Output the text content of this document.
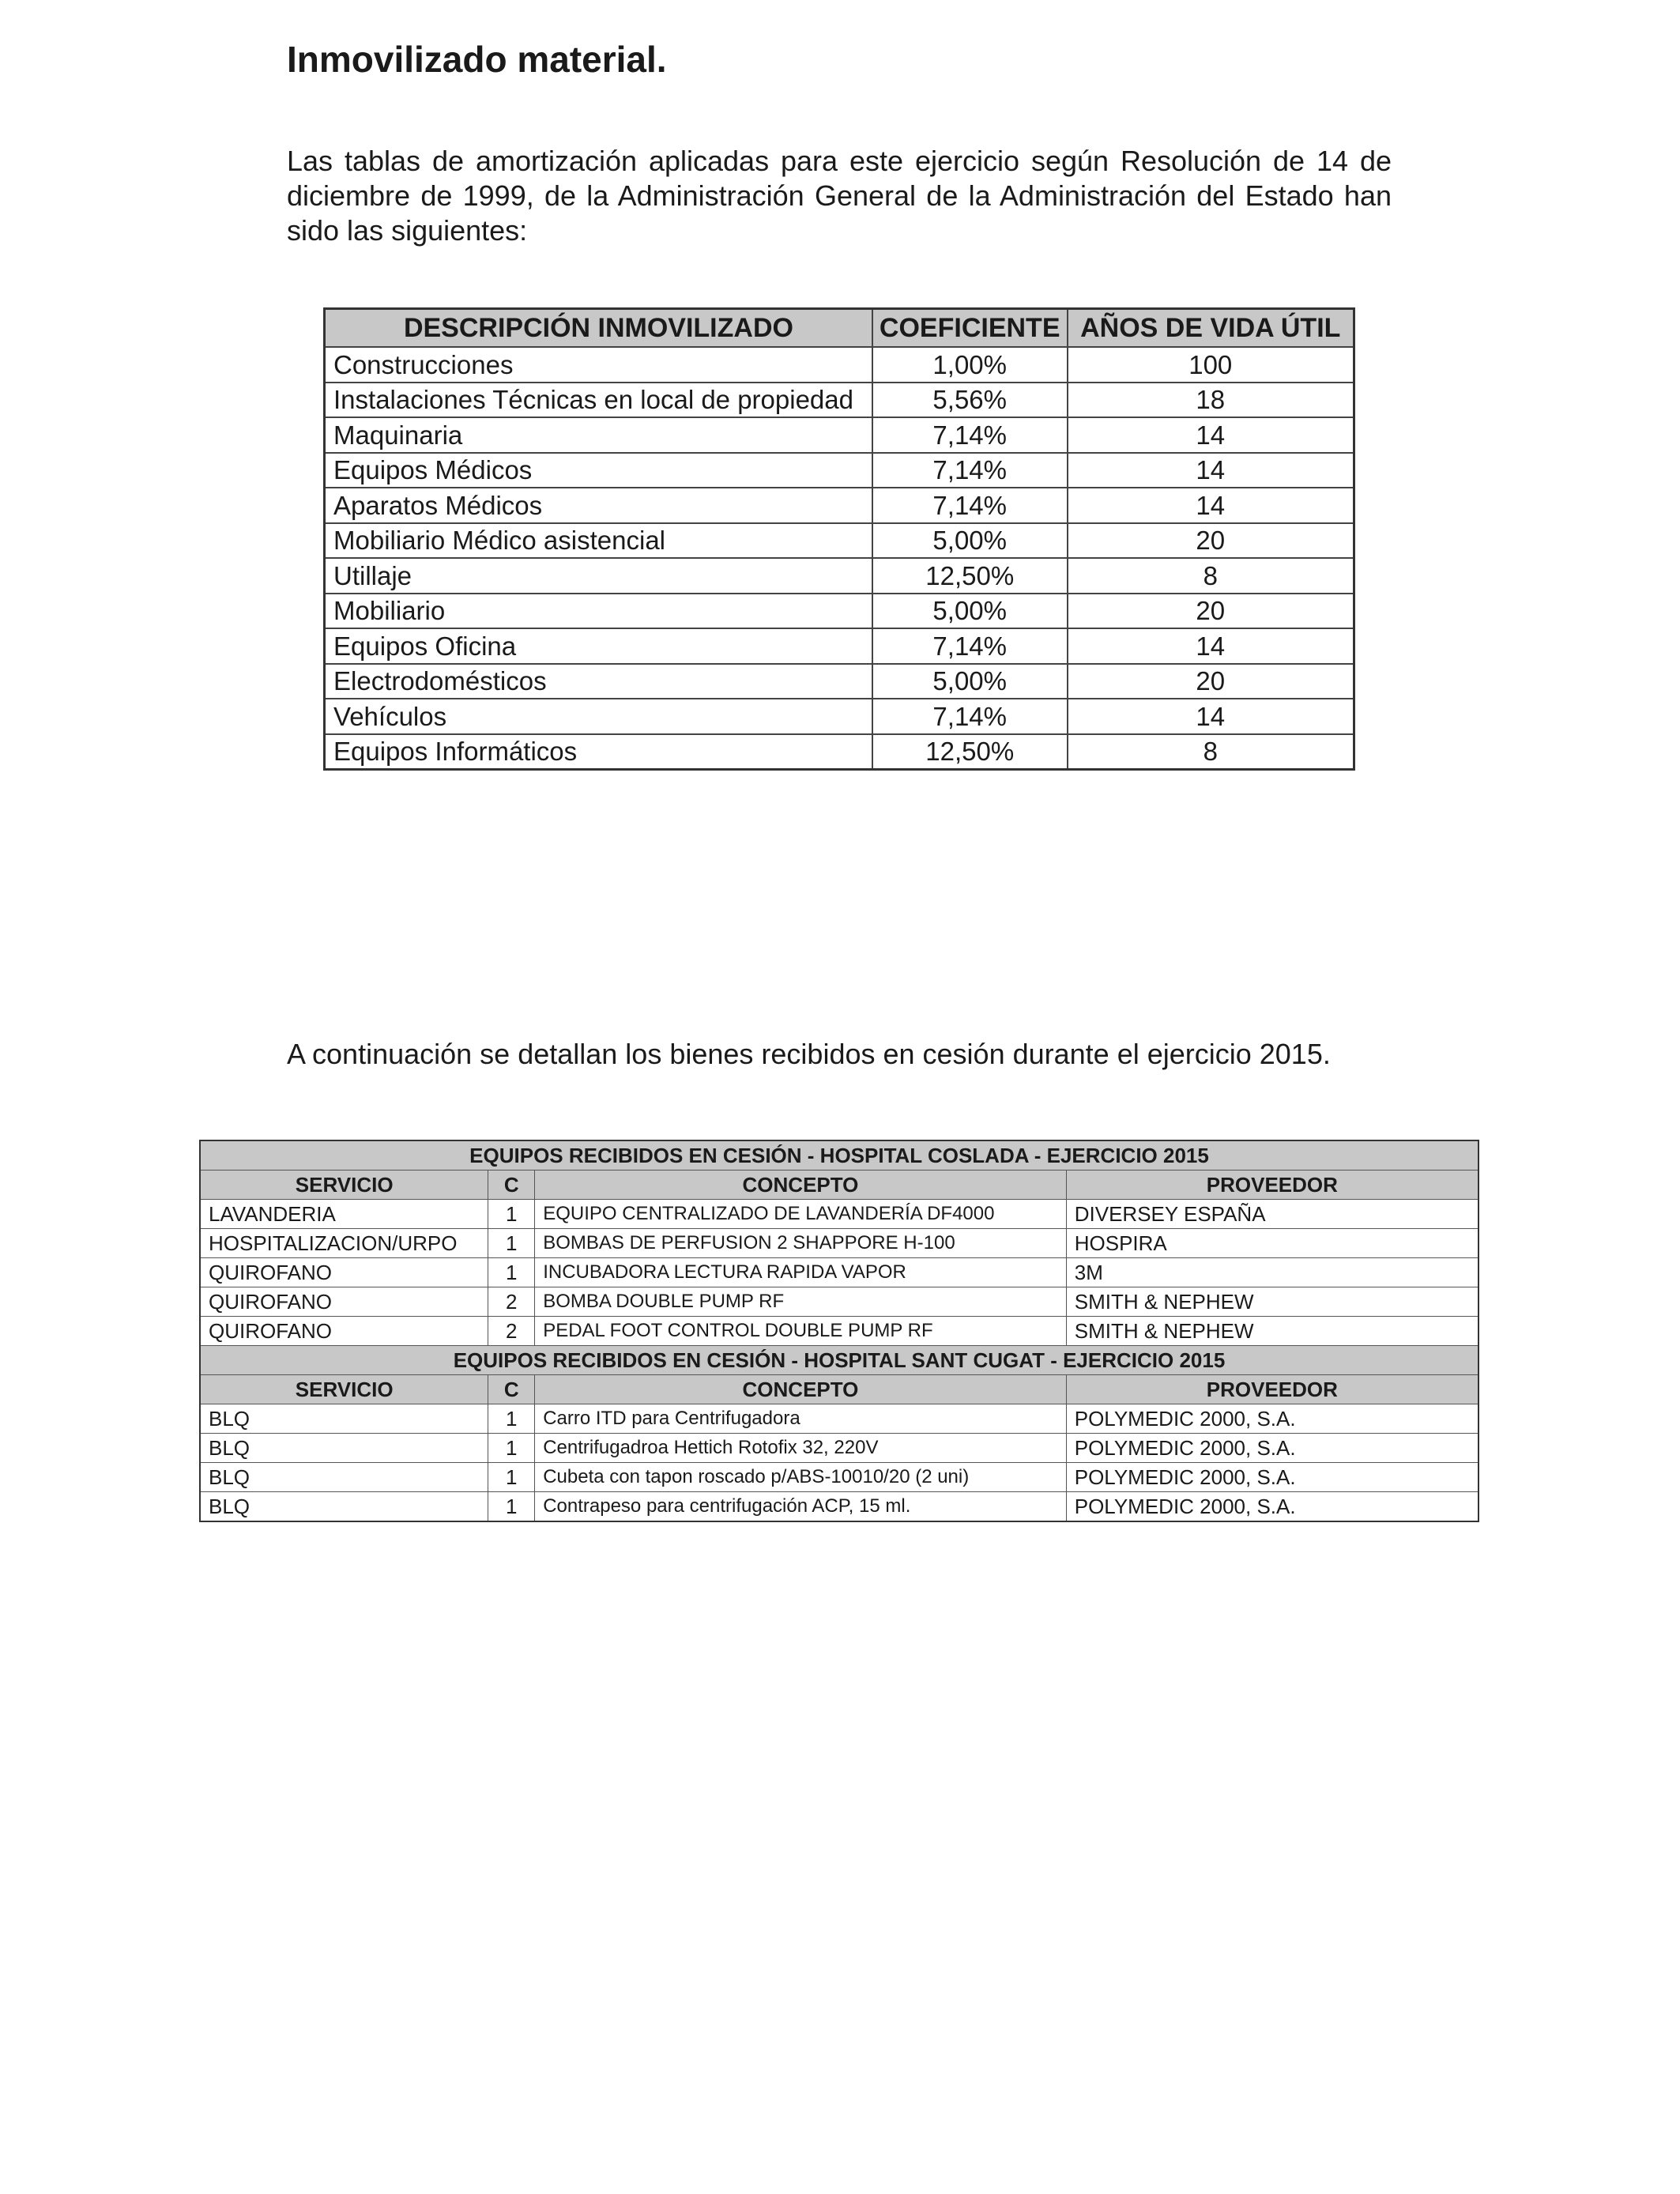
Inmovilizado material.

Las tablas de amortización aplicadas para este ejercicio según Resolución de 14 de diciembre de 1999, de la Administración General de la Administración del Estado han sido las siguientes:

DESCRIPCIÓN INMOVILIZADO	COEFICIENTE	AÑOS DE VIDA ÚTIL
Construcciones	1,00%	100
Instalaciones Técnicas en local de propiedad	5,56%	18
Maquinaria	7,14%	14
Equipos Médicos	7,14%	14
Aparatos Médicos	7,14%	14
Mobiliario Médico asistencial	5,00%	20
Utillaje	12,50%	8
Mobiliario	5,00%	20
Equipos Oficina	7,14%	14
Electrodomésticos	5,00%	20
Vehículos	7,14%	14
Equipos Informáticos	12,50%	8

A continuación se detallan los bienes recibidos en cesión durante el ejercicio 2015.

EQUIPOS RECIBIDOS EN CESIÓN - HOSPITAL COSLADA - EJERCICIO 2015			
SERVICIO	C	CONCEPTO	PROVEEDOR
LAVANDERIA	1	EQUIPO CENTRALIZADO DE LAVANDERÍA DF4000	DIVERSEY ESPAÑA
HOSPITALIZACION/URPO	1	BOMBAS DE PERFUSION 2 SHAPPORE H-100	HOSPIRA
QUIROFANO	1	INCUBADORA LECTURA RAPIDA VAPOR	3M
QUIROFANO	2	BOMBA DOUBLE PUMP RF	SMITH & NEPHEW
QUIROFANO	2	PEDAL FOOT CONTROL DOUBLE PUMP RF	SMITH & NEPHEW
EQUIPOS RECIBIDOS EN CESIÓN - HOSPITAL SANT CUGAT - EJERCICIO 2015			
SERVICIO	C	CONCEPTO	PROVEEDOR
BLQ	1	Carro ITD para Centrifugadora	POLYMEDIC 2000, S.A.
BLQ	1	Centrifugadroa Hettich Rotofix 32, 220V	POLYMEDIC 2000, S.A.
BLQ	1	Cubeta con tapon roscado p/ABS-10010/20 (2 uni)	POLYMEDIC 2000, S.A.
BLQ	1	Contrapeso para centrifugación ACP, 15 ml.	POLYMEDIC 2000, S.A.
